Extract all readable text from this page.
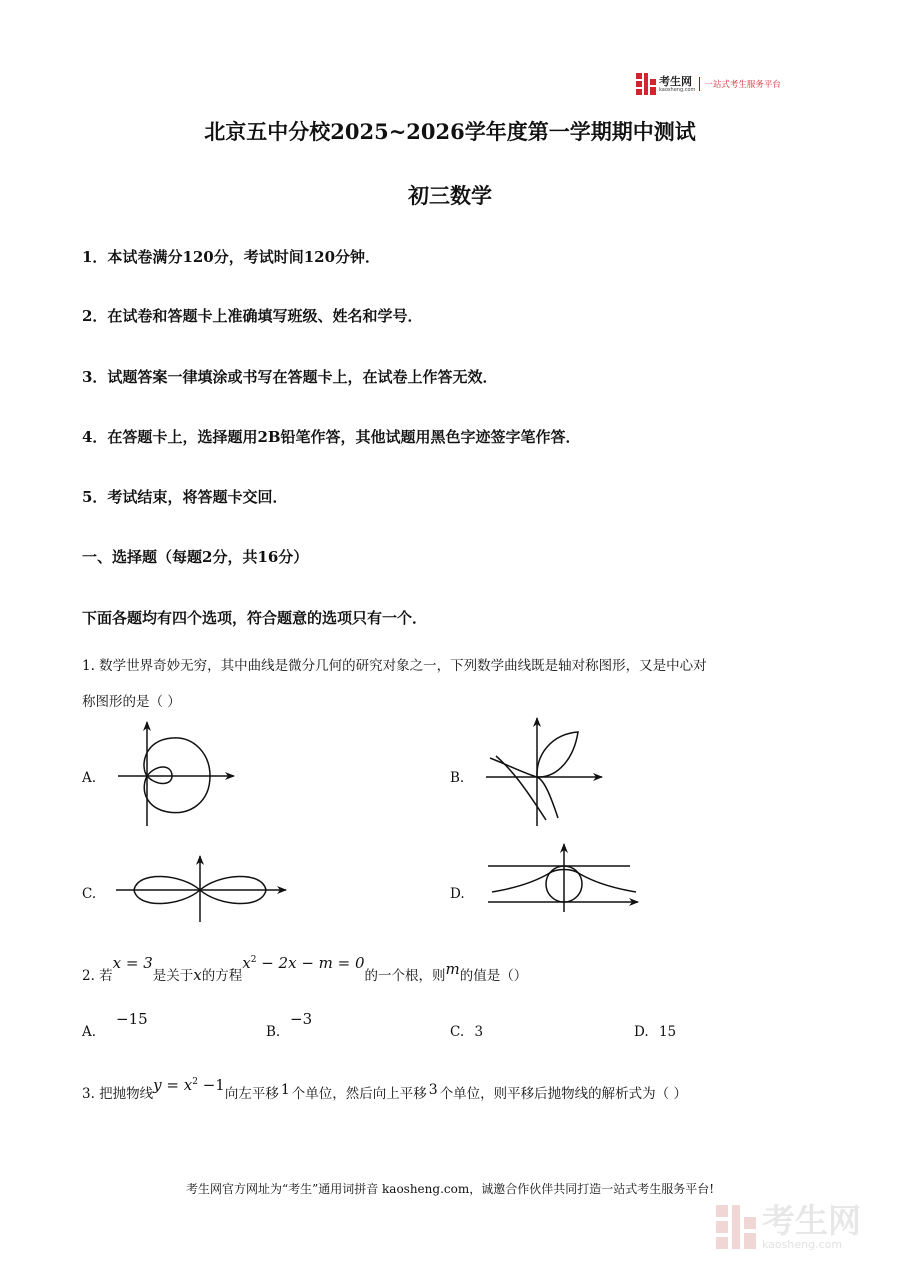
考生网
kaosheng.com 一站式考生服务平台
北京五中分校2025~2026学年度第一学期期中测试
初三数学
1．本试卷满分120分，考试时间120分钟．
2．在试卷和答题卡上准确填写班级、姓名和学号．
3．试题答案一律填涂或书写在答题卡上，在试卷上作答无效．
4．在答题卡上，选择题用2B铅笔作答，其他试题用黑色字迹签字笔作答．
5．考试结束，将答题卡交回．
一、选择题（每题2分，共16分）
下面各题均有四个选项，符合题意的选项只有一个．
1. 数学世界奇妙无穷，其中曲线是微分几何的研究对象之一，下列数学曲线既是轴对称图形，又是中心对
称图形的是（ ）
A.	B.
C.	D.
2. 若x = 3是关于x的方程$x^2 - 2x - m = 0$的一个根，则m的值是（）
A.
−15
B.
−3
C. 3	D. 15
3. 把抛物线$y = x^2 -1$向左平移 1 个单位，然后向上平移 3 个单位，则平移后抛物线的解析式为（ ）
考生网官方网址为“考生”通用词拼音 kaosheng.com，诚邀合作伙伴共同打造一站式考生服务平台!
考生网
kaosheng.com
